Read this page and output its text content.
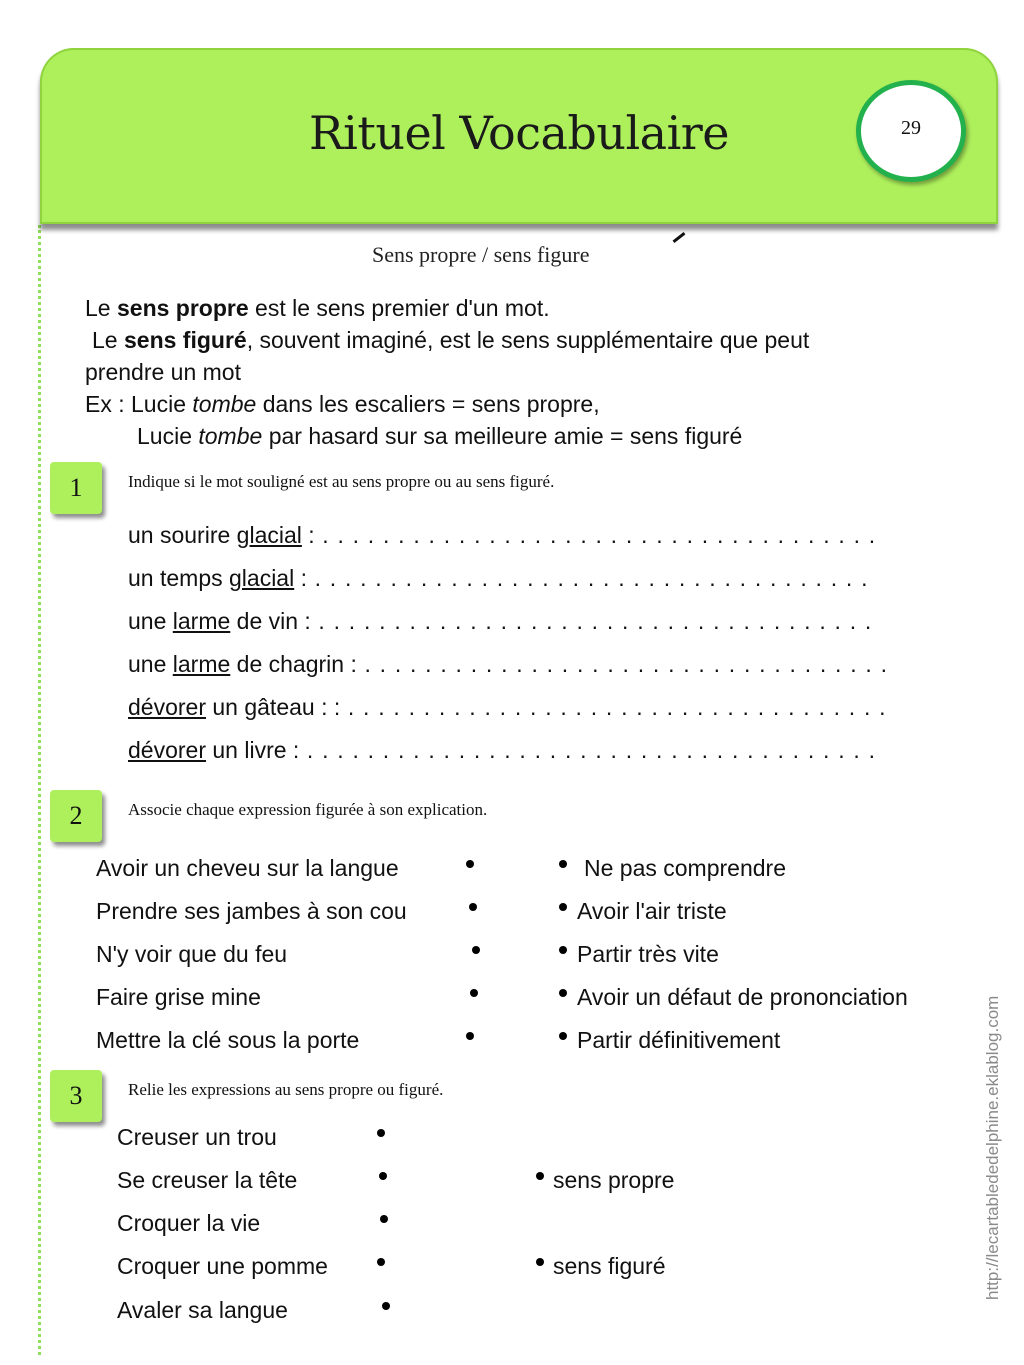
Rituel Vocabulaire	29
Sens propre / sens figure
Le sens propre est le sens premier d'un mot.
Le sens figuré, souvent imaginé, est le sens supplémentaire que peut
prendre un mot
Ex : Lucie tombe dans les escaliers = sens propre,
Lucie tombe par hasard sur sa meilleure amie = sens figuré
1	Indique si le mot souligné est au sens propre ou au sens figuré.
un sourire glacial : . . . . . . . . . . . . . . . . . . . . . . . . . . . . . . . . . . . . .
un temps glacial : . . . . . . . . . . . . . . . . . . . . . . . . . . . . . . . . . . . . .
une larme de vin : . . . . . . . . . . . . . . . . . . . . . . . . . . . . . . . . . . . . .
une larme de chagrin : . . . . . . . . . . . . . . . . . . . . . . . . . . . . . . . . . . .
dévorer un gâteau : : . . . . . . . . . . . . . . . . . . . . . . . . . . . . . . . . . . . .
dévorer un livre : . . . . . . . . . . . . . . . . . . . . . . . . . . . . . . . . . . . . . .
2	Associe chaque expression figurée à son explication.
Avoir un cheveu sur la langue
Prendre ses jambes à son cou
N'y voir que du feu
Faire grise mine
Mettre la clé sous la porte
Ne pas comprendre
Avoir l'air triste
Partir très vite
Avoir un défaut de prononciation
Partir définitivement
3	Relie les expressions au sens propre ou figuré.
Creuser un trou
Se creuser la tête
Croquer la vie
Croquer une pomme
Avaler sa langue
sens propre
sens figuré	http://lecartablededelphine.eklablog.com
